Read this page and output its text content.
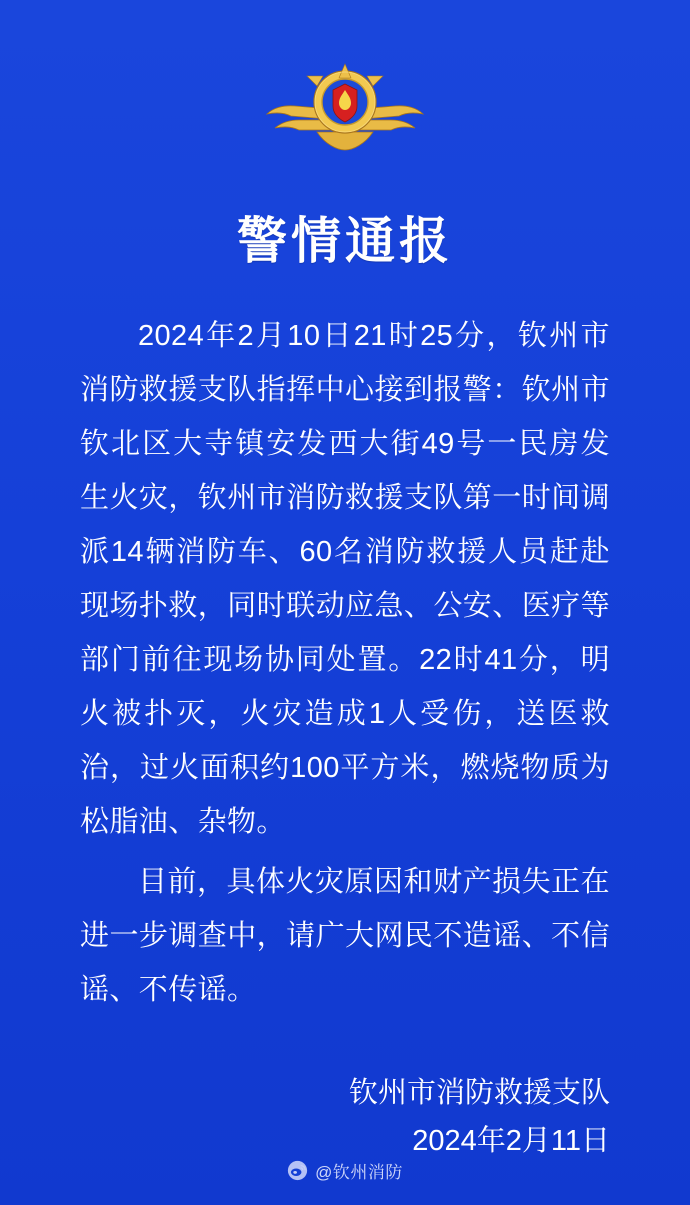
警情通报

2024年2月10日21时25分，钦州市消防救援支队指挥中心接到报警：钦州市钦北区大寺镇安发西大街49号一民房发生火灾，钦州市消防救援支队第一时间调派14辆消防车、60名消防救援人员赶赴现场扑救，同时联动应急、公安、医疗等部门前往现场协同处置。22时41分，明火被扑灭，火灾造成1人受伤，送医救治，过火面积约100平方米，燃烧物质为松脂油、杂物。

目前，具体火灾原因和财产损失正在进一步调查中，请广大网民不造谣、不信谣、不传谣。

钦州市消防救援支队
2024年2月11日
@钦州消防
